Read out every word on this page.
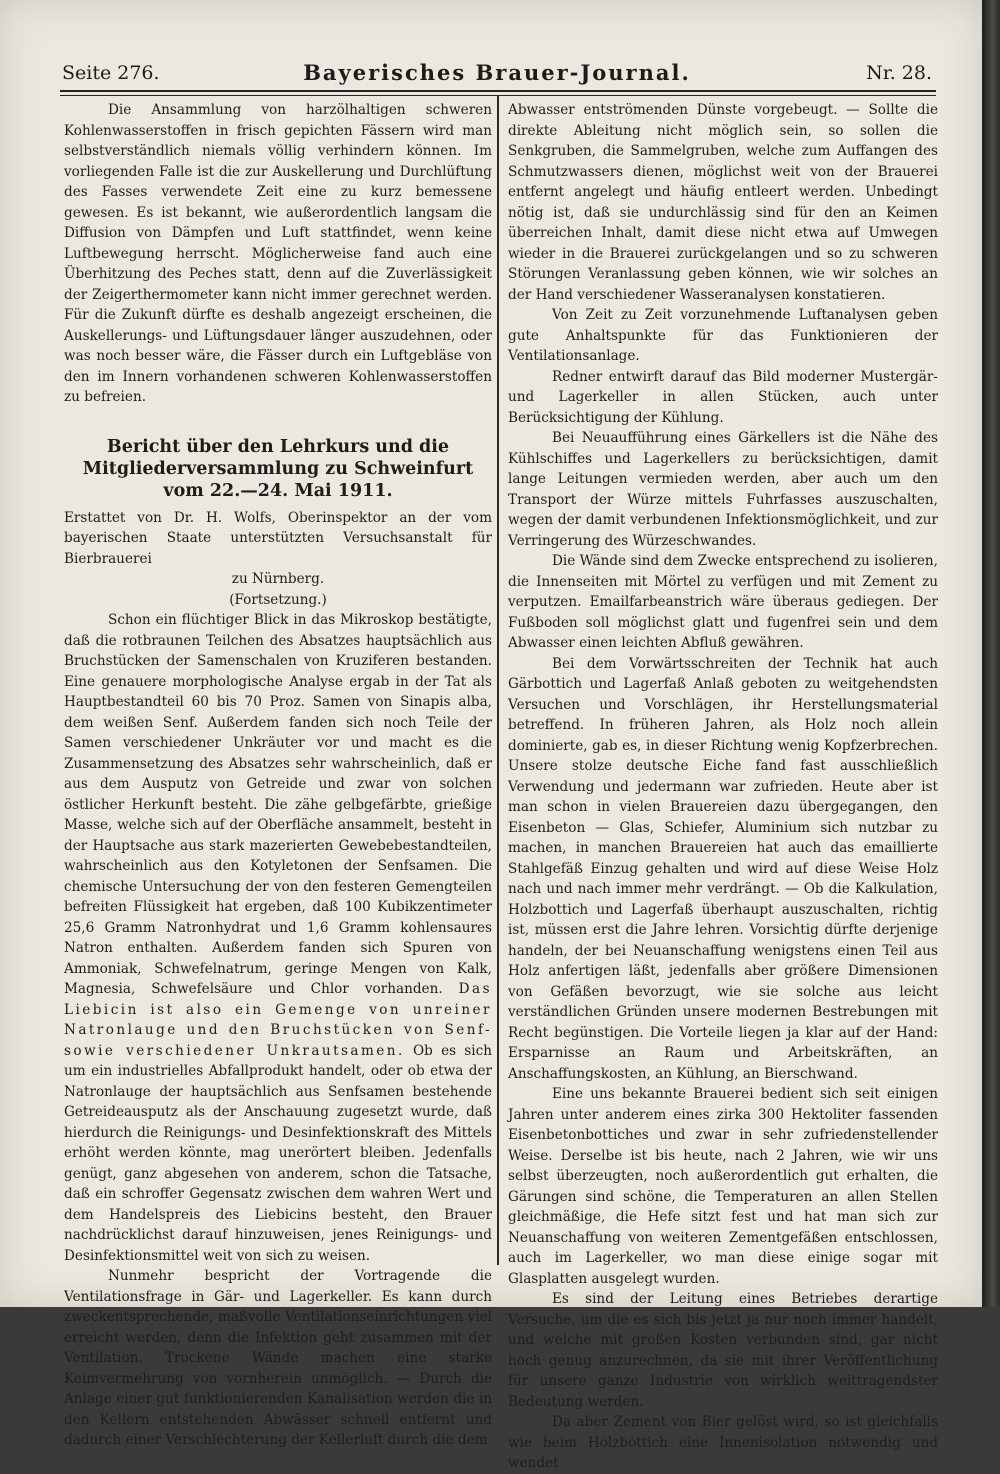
Seite 276.	Bayerisches Brauer-Journal.	Nr. 28.

Die Ansammlung von harzölhaltigen schweren Kohlenwasserstoffen in frisch gepichten Fässern wird man selbstverständlich niemals völlig verhindern können. Im vorliegenden Falle ist die zur Auskellerung und Durchlüftung des Fasses verwendete Zeit eine zu kurz bemessene gewesen. Es ist bekannt, wie außerordentlich langsam die Diffusion von Dämpfen und Luft stattfindet, wenn keine Luftbewegung herrscht. Möglicherweise fand auch eine Überhitzung des Peches statt, denn auf die Zuverlässigkeit der Zeigerthermometer kann nicht immer gerechnet werden. Für die Zukunft dürfte es deshalb angezeigt erscheinen, die Auskellerungs- und Lüftungsdauer länger auszudehnen, oder was noch besser wäre, die Fässer durch ein Luftgebläse von den im Innern vorhandenen schweren Kohlenwasserstoffen zu befreien.

Bericht über den Lehrkurs und die Mitgliederversammlung zu Schweinfurt vom 22.—24. Mai 1911.

Erstattet von Dr. H. Wolfs, Oberinspektor an der vom bayerischen Staate unterstützten Versuchsanstalt für Bierbrauerei

zu Nürnberg.

(Fortsetzung.)

Schon ein flüchtiger Blick in das Mikroskop bestätigte, daß die rotbraunen Teilchen des Absatzes hauptsächlich aus Bruchstücken der Samenschalen von Kruziferen bestanden. Eine genauere morphologische Analyse ergab in der Tat als Hauptbestandteil 60 bis 70 Proz. Samen von Sinapis alba, dem weißen Senf. Außerdem fanden sich noch Teile der Samen verschiedener Unkräuter vor und macht es die Zusammensetzung des Absatzes sehr wahrscheinlich, daß er aus dem Ausputz von Getreide und zwar von solchen östlicher Herkunft besteht. Die zähe gelbgefärbte, grießige Masse, welche sich auf der Oberfläche ansammelt, besteht in der Hauptsache aus stark mazerierten Gewebebestandteilen, wahrscheinlich aus den Kotyletonen der Senfsamen. Die chemische Untersuchung der von den festeren Gemengteilen befreiten Flüssigkeit hat ergeben, daß 100 Kubikzentimeter 25,6 Gramm Natronhydrat und 1,6 Gramm kohlensaures Natron enthalten. Außerdem fanden sich Spuren von Ammoniak, Schwefelnatrum, geringe Mengen von Kalk, Magnesia, Schwefelsäure und Chlor vorhanden. Das Liebicin ist also ein Gemenge von unreiner Natronlauge und den Bruchstücken von Senf- sowie verschiedener Unkrautsamen. Ob es sich um ein industrielles Abfallprodukt handelt, oder ob etwa der Natronlauge der hauptsächlich aus Senfsamen bestehende Getreideausputz als der Anschauung zugesetzt wurde, daß hierdurch die Reinigungs- und Desinfektionskraft des Mittels erhöht werden könnte, mag unerörtert bleiben. Jedenfalls genügt, ganz abgesehen von anderem, schon die Tatsache, daß ein schroffer Gegensatz zwischen dem wahren Wert und dem Handelspreis des Liebicins besteht, den Brauer nachdrücklichst darauf hinzuweisen, jenes Reinigungs- und Desinfektionsmittel weit von sich zu weisen.

Nunmehr bespricht der Vortragende die Ventilationsfrage in Gär- und Lagerkeller. Es kann durch zweckentsprechende, maßvolle Ventilationseinrichtungen viel erreicht werden, denn die Infektion geht zusammen mit der Ventilation. Trockene Wände machen eine starke Keimvermehrung von vornherein unmöglich. — Durch die Anlage einer gut funktionierenden Kanalisation werden die in den Kellern entstehenden Abwässer schnell entfernt und dadurch einer Verschlechterung der Kellerluft durch die dem

Abwasser entströmenden Dünste vorgebeugt. — Sollte die direkte Ableitung nicht möglich sein, so sollen die Senkgruben, die Sammelgruben, welche zum Auffangen des Schmutzwassers dienen, möglichst weit von der Brauerei entfernt angelegt und häufig entleert werden. Unbedingt nötig ist, daß sie undurchlässig sind für den an Keimen überreichen Inhalt, damit diese nicht etwa auf Umwegen wieder in die Brauerei zurückgelangen und so zu schweren Störungen Veranlassung geben können, wie wir solches an der Hand verschiedener Wasseranalysen konstatieren.

Von Zeit zu Zeit vorzunehmende Luftanalysen geben gute Anhaltspunkte für das Funktionieren der Ventilationsanlage.

Redner entwirft darauf das Bild moderner Mustergär- und Lagerkeller in allen Stücken, auch unter Berücksichtigung der Kühlung.

Bei Neuaufführung eines Gärkellers ist die Nähe des Kühlschiffes und Lagerkellers zu berücksichtigen, damit lange Leitungen vermieden werden, aber auch um den Transport der Würze mittels Fuhrfasses auszuschalten, wegen der damit verbundenen Infektionsmöglichkeit, und zur Verringerung des Würzeschwandes.

Die Wände sind dem Zwecke entsprechend zu isolieren, die Innenseiten mit Mörtel zu verfügen und mit Zement zu verputzen. Emailfarbeanstrich wäre überaus gediegen. Der Fußboden soll möglichst glatt und fugenfrei sein und dem Abwasser einen leichten Abfluß gewähren.

Bei dem Vorwärtsschreiten der Technik hat auch Gärbottich und Lagerfaß Anlaß geboten zu weitgehendsten Versuchen und Vorschlägen, ihr Herstellungsmaterial betreffend. In früheren Jahren, als Holz noch allein dominierte, gab es, in dieser Richtung wenig Kopfzerbrechen. Unsere stolze deutsche Eiche fand fast ausschließlich Verwendung und jedermann war zufrieden. Heute aber ist man schon in vielen Brauereien dazu übergegangen, den Eisenbeton — Glas, Schiefer, Aluminium sich nutzbar zu machen, in manchen Brauereien hat auch das emaillierte Stahlgefäß Einzug gehalten und wird auf diese Weise Holz nach und nach immer mehr verdrängt. — Ob die Kalkulation, Holzbottich und Lagerfaß überhaupt auszuschalten, richtig ist, müssen erst die Jahre lehren. Vorsichtig dürfte derjenige handeln, der bei Neuanschaffung wenigstens einen Teil aus Holz anfertigen läßt, jedenfalls aber größere Dimensionen von Gefäßen bevorzugt, wie sie solche aus leicht verständlichen Gründen unsere modernen Bestrebungen mit Recht begünstigen. Die Vorteile liegen ja klar auf der Hand: Ersparnisse an Raum und Arbeitskräften, an Anschaffungskosten, an Kühlung, an Bierschwand.

Eine uns bekannte Brauerei bedient sich seit einigen Jahren unter anderem eines zirka 300 Hektoliter fassenden Eisenbetonbottiches und zwar in sehr zufriedenstellender Weise. Derselbe ist bis heute, nach 2 Jahren, wie wir uns selbst überzeugten, noch außerordentlich gut erhalten, die Gärungen sind schöne, die Temperaturen an allen Stellen gleichmäßige, die Hefe sitzt fest und hat man sich zur Neuanschaffung von weiteren Zementgefäßen entschlossen, auch im Lagerkeller, wo man diese einige sogar mit Glasplatten ausgelegt wurden.

Es sind der Leitung eines Betriebes derartige Versuche, um die es sich bis jetzt ja nur noch immer handelt, und welche mit großen Kosten verbunden sind, gar nicht hoch genug anzurechnen, da sie mit ihrer Veröffentlichung für unsere ganze Industrie von wirklich weittragendster Bedeutung werden.

Da aber Zement von Bier gelöst wird, so ist gleichfalls wie beim Holzbottich eine Innenisolation notwendig und wendet
